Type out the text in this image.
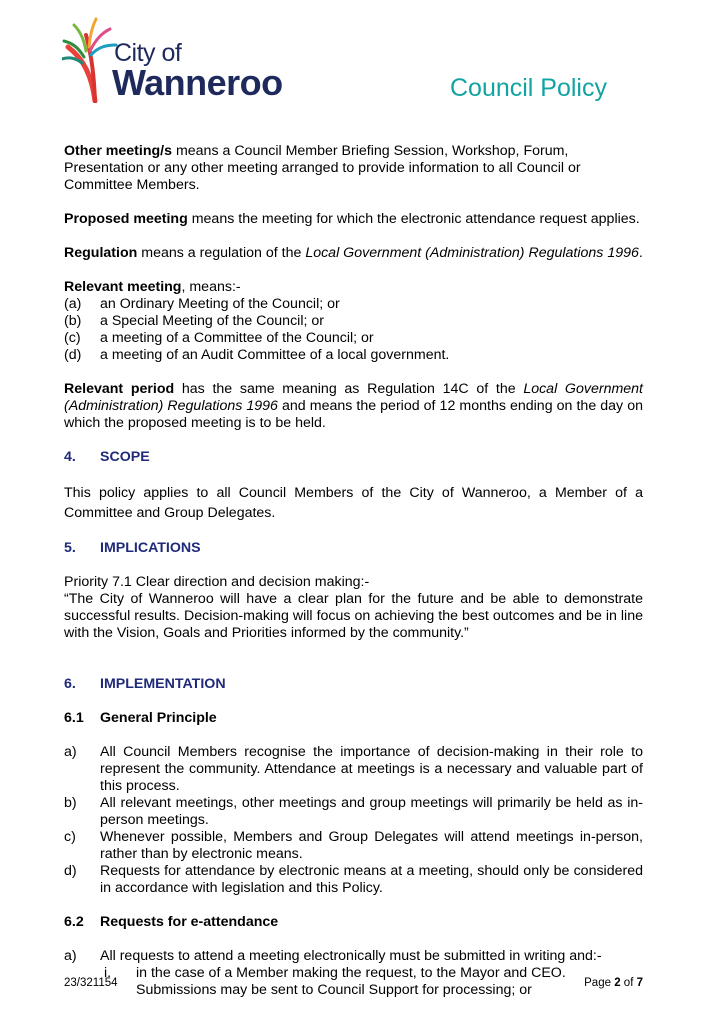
City of
Wanneroo	Council Policy

Other meeting/s means a Council Member Briefing Session, Workshop, Forum, Presentation or any other meeting arranged to provide information to all Council or Committee Members.

Proposed meeting means the meeting for which the electronic attendance request applies.

Regulation means a regulation of the Local Government (Administration) Regulations 1996.

Relevant meeting, means:-

(a)	an Ordinary Meeting of the Council; or
(b)	a Special Meeting of the Council; or
(c)	a meeting of a Committee of the Council; or
(d)	a meeting of an Audit Committee of a local government.

Relevant period has the same meaning as Regulation 14C of the Local Government (Administration) Regulations 1996 and means the period of 12 months ending on the day on which the proposed meeting is to be held.

4.	SCOPE

This policy applies to all Council Members of the City of Wanneroo, a Member of a Committee and Group Delegates.

5.	IMPLICATIONS

Priority 7.1 Clear direction and decision making:-

“The City of Wanneroo will have a clear plan for the future and be able to demonstrate successful results. Decision-making will focus on achieving the best outcomes and be in line with the Vision, Goals and Priorities informed by the community.”

6.	IMPLEMENTATION
6.1	General Principle
a)	All Council Members recognise the importance of decision-making in their role to represent the community. Attendance at meetings is a necessary and valuable part of this process.
b)	All relevant meetings, other meetings and group meetings will primarily be held as in-person meetings.
c)	Whenever possible, Members and Group Delegates will attend meetings in-person, rather than by electronic means.
d)	Requests for attendance by electronic means at a meeting, should only be considered in accordance with legislation and this Policy.
6.2	Requests for e-attendance
a)	All requests to attend a meeting electronically must be submitted in writing and:-
i.	in the case of a Member making the request, to the Mayor and CEO. Submissions may be sent to Council Support for processing; or
23/321154	Page 2 of 7
